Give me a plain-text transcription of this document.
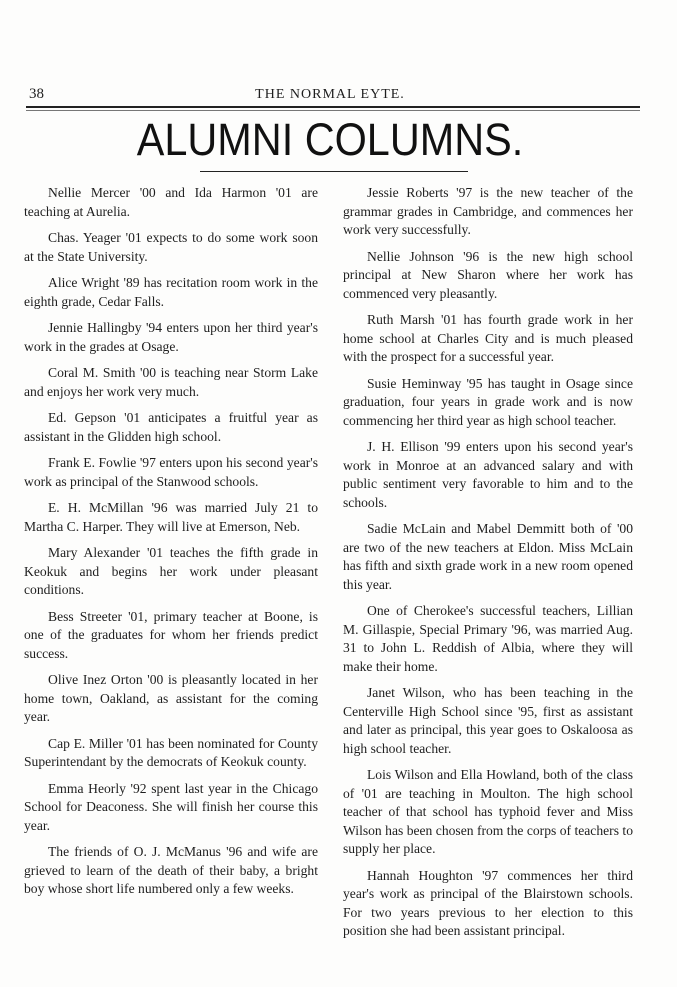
38	THE NORMAL EYTE.
ALUMNI COLUMNS.

Nellie Mercer '00 and Ida Harmon '01 are teaching at Aurelia.

Chas. Yeager '01 expects to do some work soon at the State University.

Alice Wright '89 has recitation room work in the eighth grade, Cedar Falls.

Jennie Hallingby '94 enters upon her third year's work in the grades at Osage.

Coral M. Smith '00 is teaching near Storm Lake and enjoys her work very much.

Ed. Gepson '01 anticipates a fruitful year as assistant in the Glidden high school.

Frank E. Fowlie '97 enters upon his second year's work as principal of the Stanwood schools.

E. H. McMillan '96 was married July 21 to Martha C. Harper. They will live at Emerson, Neb.

Mary Alexander '01 teaches the fifth grade in Keokuk and begins her work under pleasant conditions.

Bess Streeter '01, primary teacher at Boone, is one of the graduates for whom her friends predict success.

Olive Inez Orton '00 is pleasantly located in her home town, Oakland, as assistant for the coming year.

Cap E. Miller '01 has been nominated for County Superintendant by the democrats of Keokuk county.

Emma Heorly '92 spent last year in the Chicago School for Deaconess. She will finish her course this year.

The friends of O. J. McManus '96 and wife are grieved to learn of the death of their baby, a bright boy whose short life numbered only a few weeks.

Jessie Roberts '97 is the new teacher of the grammar grades in Cambridge, and commences her work very successfully.

Nellie Johnson '96 is the new high school principal at New Sharon where her work has commenced very pleasantly.

Ruth Marsh '01 has fourth grade work in her home school at Charles City and is much pleased with the prospect for a successful year.

Susie Heminway '95 has taught in Osage since graduation, four years in grade work and is now commencing her third year as high school teacher.

J. H. Ellison '99 enters upon his second year's work in Monroe at an advanced salary and with public sentiment very favorable to him and to the schools.

Sadie McLain and Mabel Demmitt both of '00 are two of the new teachers at Eldon. Miss McLain has fifth and sixth grade work in a new room opened this year.

One of Cherokee's successful teachers, Lillian M. Gillaspie, Special Primary '96, was married Aug. 31 to John L. Reddish of Albia, where they will make their home.

Janet Wilson, who has been teaching in the Centerville High School since '95, first as assistant and later as principal, this year goes to Oskaloosa as high school teacher.

Lois Wilson and Ella Howland, both of the class of '01 are teaching in Moulton. The high school teacher of that school has typhoid fever and Miss Wilson has been chosen from the corps of teachers to supply her place.

Hannah Houghton '97 commences her third year's work as principal of the Blairstown schools. For two years previous to her election to this position she had been assistant principal.
